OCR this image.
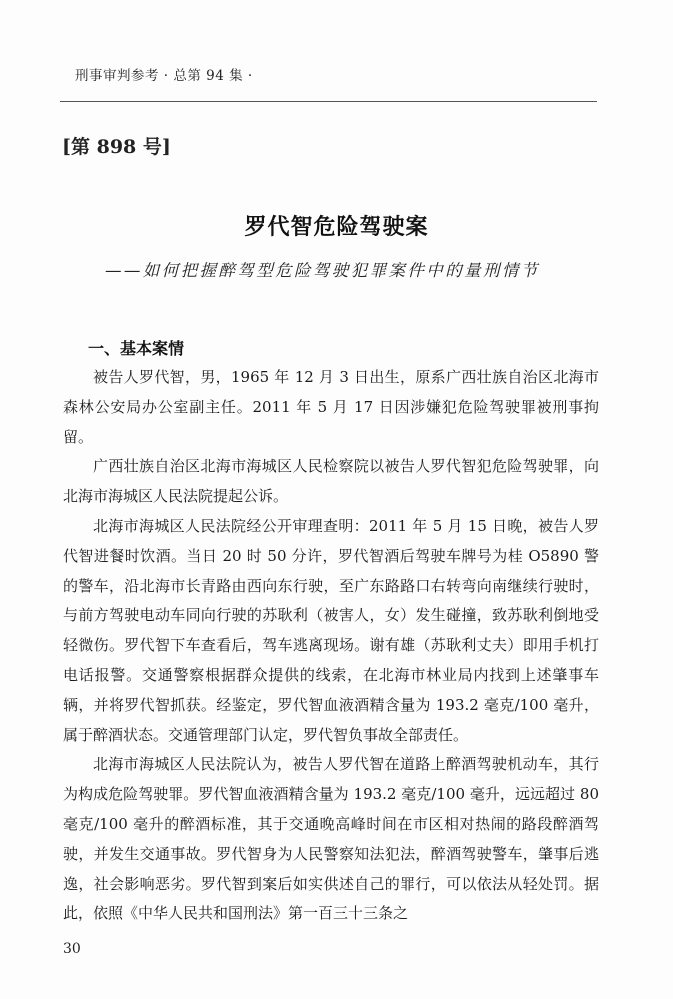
刑事审判参考 · 总第 94 集 ·
[第 898 号]
罗代智危险驾驶案
——如何把握醉驾型危险驾驶犯罪案件中的量刑情节
一、基本案情

被告人罗代智，男，1965 年 12 月 3 日出生，原系广西壮族自治区北海市森林公安局办公室副主任。2011 年 5 月 17 日因涉嫌犯危险驾驶罪被刑事拘留。

广西壮族自治区北海市海城区人民检察院以被告人罗代智犯危险驾驶罪，向北海市海城区人民法院提起公诉。

北海市海城区人民法院经公开审理查明：2011 年 5 月 15 日晚，被告人罗代智进餐时饮酒。当日 20 时 50 分许，罗代智酒后驾驶车牌号为桂 O5890 警的警车，沿北海市长青路由西向东行驶，至广东路路口右转弯向南继续行驶时，与前方驾驶电动车同向行驶的苏耿利（被害人，女）发生碰撞，致苏耿利倒地受轻微伤。罗代智下车查看后，驾车逃离现场。谢有雄（苏耿利丈夫）即用手机打电话报警。交通警察根据群众提供的线索，在北海市林业局内找到上述肇事车辆，并将罗代智抓获。经鉴定，罗代智血液酒精含量为 193.2 毫克/100 毫升，属于醉酒状态。交通管理部门认定，罗代智负事故全部责任。

北海市海城区人民法院认为，被告人罗代智在道路上醉酒驾驶机动车，其行为构成危险驾驶罪。罗代智血液酒精含量为 193.2 毫克/100 毫升，远远超过 80 毫克/100 毫升的醉酒标准，其于交通晚高峰时间在市区相对热闹的路段醉酒驾驶，并发生交通事故。罗代智身为人民警察知法犯法，醉酒驾驶警车，肇事后逃逸，社会影响恶劣。罗代智到案后如实供述自己的罪行，可以依法从轻处罚。据此，依照《中华人民共和国刑法》第一百三十三条之

30
